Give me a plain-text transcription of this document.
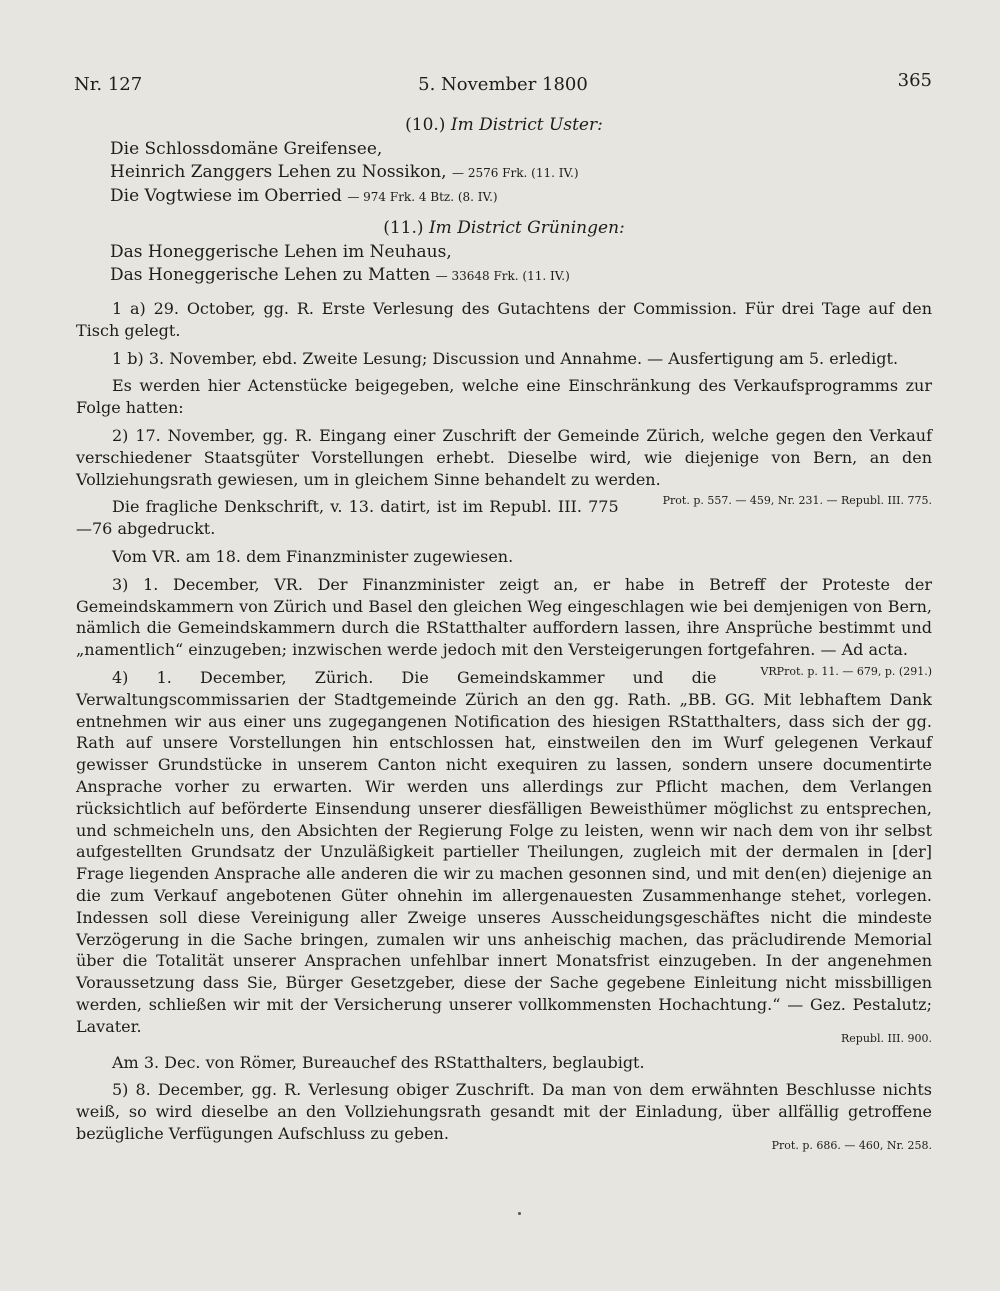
Nr. 127	5. November 1800	365

(10.) Im District Uster:

Die Schlossdomäne Greifensee,

Heinrich Zanggers Lehen zu Nossikon, — 2576 Frk. (11. IV.)

Die Vogtwiese im Oberried — 974 Frk. 4 Btz. (8. IV.)

(11.) Im District Grüningen:

Das Honeggerische Lehen im Neuhaus,

Das Honeggerische Lehen zu Matten — 33648 Frk. (11. IV.)

1 a) 29. October, gg. R. Erste Verlesung des Gutachtens der Commission. Für drei Tage auf den Tisch gelegt.

1 b) 3. November, ebd. Zweite Lesung; Discussion und Annahme. — Ausfertigung am 5. erledigt.

Es werden hier Actenstücke beigegeben, welche eine Einschränkung des Verkaufsprogramms zur Folge hatten:

2) 17. November, gg. R. Eingang einer Zuschrift der Gemeinde Zürich, welche gegen den Verkauf verschiedener Staatsgüter Vorstellungen erhebt. Dieselbe wird, wie diejenige von Bern, an den Vollziehungsrath gewiesen, um in gleichem Sinne behandelt zu werden.
Prot. p. 557. — 459, Nr. 231. — Republ. III. 775.

Die fragliche Denkschrift, v. 13. datirt, ist im Republ. III. 775—76 abgedruckt.

Vom VR. am 18. dem Finanzminister zugewiesen.

3) 1. December, VR. Der Finanzminister zeigt an, er habe in Betreff der Proteste der Gemeindskammern von Zürich und Basel den gleichen Weg eingeschlagen wie bei demjenigen von Bern, nämlich die Gemeindskammern durch die RStatthalter auffordern lassen, ihre Ansprüche bestimmt und „namentlich“ einzugeben; inzwischen werde jedoch mit den Versteigerungen fortgefahren. — Ad acta.
VRProt. p. 11. — 679, p. (291.)

4) 1. December, Zürich. Die Gemeindskammer und die Verwaltungscommissarien der Stadtgemeinde Zürich an den gg. Rath. „BB. GG. Mit lebhaftem Dank entnehmen wir aus einer uns zugegangenen Notification des hiesigen RStatthalters, dass sich der gg. Rath auf unsere Vorstellungen hin entschlossen hat, einstweilen den im Wurf gelegenen Verkauf gewisser Grundstücke in unserem Canton nicht exequiren zu lassen, sondern unsere documentirte Ansprache vorher zu erwarten. Wir werden uns allerdings zur Pflicht machen, dem Verlangen rücksichtlich auf beförderte Einsendung unserer diesfälligen Beweisthümer möglichst zu entsprechen, und schmeicheln uns, den Absichten der Regierung Folge zu leisten, wenn wir nach dem von ihr selbst aufgestellten Grundsatz der Unzuläßigkeit partieller Theilungen, zugleich mit der dermalen in [der] Frage liegenden Ansprache alle anderen die wir zu machen gesonnen sind, und mit den(en) diejenige an die zum Verkauf angebotenen Güter ohnehin im allergenauesten Zusammenhange stehet, vorlegen. Indessen soll diese Vereinigung aller Zweige unseres Ausscheidungsgeschäftes nicht die mindeste Verzögerung in die Sache bringen, zumalen wir uns anheischig machen, das präcludirende Memorial über die Totalität unserer Ansprachen unfehlbar innert Monatsfrist einzugeben. In der angenehmen Voraussetzung dass Sie, Bürger Gesetzgeber, diese der Sache gegebene Einleitung nicht missbilligen werden, schließen wir mit der Versicherung unserer vollkommensten Hochachtung.“ — Gez. Pestalutz; Lavater.

Republ. III. 900.

Am 3. Dec. von Römer, Bureauchef des RStatthalters, beglaubigt.

5) 8. December, gg. R. Verlesung obiger Zuschrift. Da man von dem erwähnten Beschlusse nichts weiß, so wird dieselbe an den Vollziehungsrath gesandt mit der Einladung, über allfällig getroffene bezügliche Verfügungen Aufschluss zu geben.

Prot. p. 686. — 460, Nr. 258.
